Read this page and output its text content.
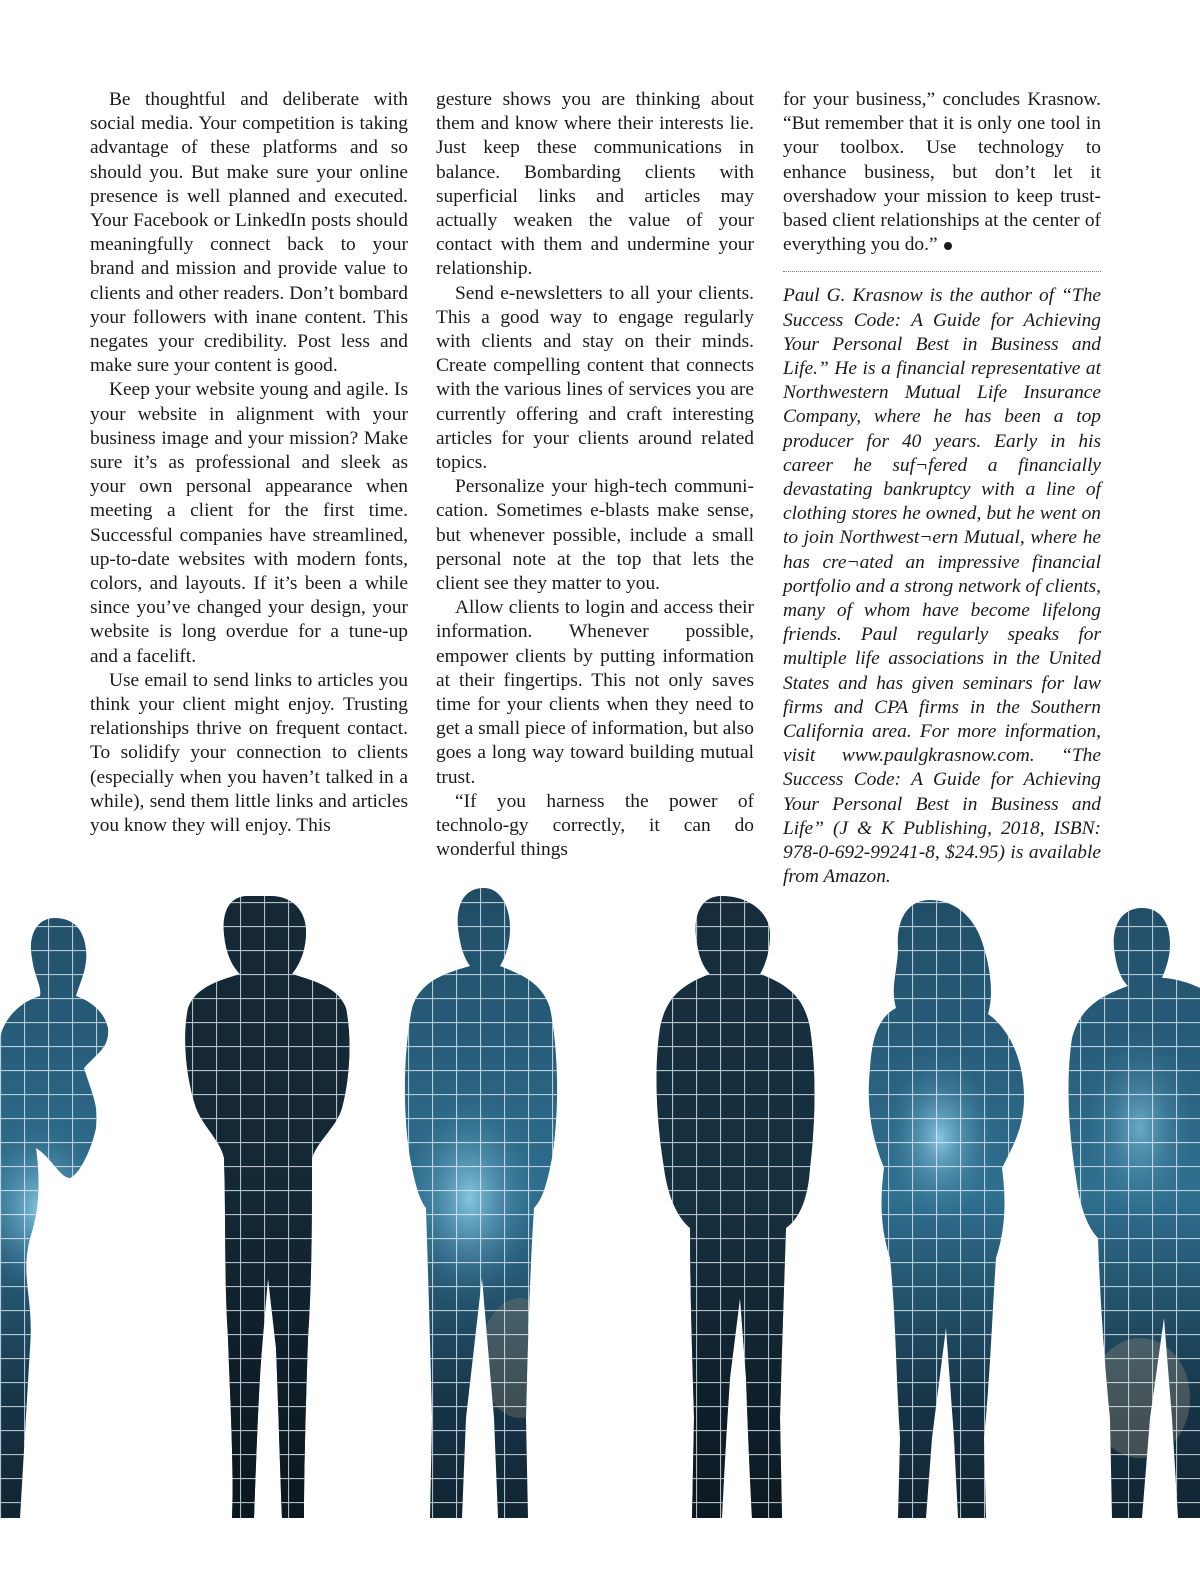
Be thoughtful and deliberate with social media. Your competition is taking advantage of these platforms and so should you. But make sure your online presence is well planned and executed. Your Facebook or LinkedIn posts should meaningfully connect back to your brand and mission and provide value to clients and other readers. Don’t bombard your followers with inane content. This negates your credibility. Post less and make sure your content is good.

Keep your website young and agile. Is your website in alignment with your business image and your mission? Make sure it’s as professional and sleek as your own personal appearance when meeting a client for the first time. Successful companies have streamlined, up-to-date websites with modern fonts, colors, and layouts. If it’s been a while since you’ve changed your design, your website is long overdue for a tune-up and a facelift.

Use email to send links to articles you think your client might enjoy. Trusting relationships thrive on frequent contact. To solidify your connection to clients (especially when you haven’t talked in a while), send them little links and articles you know they will enjoy. This

gesture shows you are thinking about them and know where their interests lie. Just keep these communications in balance. Bombarding clients with superficial links and articles may actually weaken the value of your contact with them and undermine your relationship.

Send e-newsletters to all your clients. This a good way to engage regularly with clients and stay on their minds. Create compelling content that connects with the various lines of services you are currently offering and craft interesting articles for your clients around related topics.

Personalize your high-tech communi-cation. Sometimes e-blasts make sense, but whenever possible, include a small personal note at the top that lets the client see they matter to you.

Allow clients to login and access their information. Whenever possible, empower clients by putting information at their fingertips. This not only saves time for your clients when they need to get a small piece of information, but also goes a long way toward building mutual trust.

“If you harness the power of technolo-gy correctly, it can do wonderful things

for your business,” concludes Krasnow. “But remember that it is only one tool in your toolbox. Use technology to enhance business, but don’t let it overshadow your mission to keep trust-based client relationships at the center of everything you do.”

Paul G. Krasnow is the author of “The Success Code: A Guide for Achieving Your Personal Best in Business and Life.” He is a financial representative at Northwestern Mutual Life Insurance Company, where he has been a top producer for 40 years. Early in his career he suf¬fered a financially devastating bankruptcy with a line of clothing stores he owned, but he went on to join Northwest¬ern Mutual, where he has cre¬ated an impressive financial portfolio and a strong network of clients, many of whom have become lifelong friends. Paul regularly speaks for multiple life associations in the United States and has given seminars for law firms and CPA firms in the Southern California area. For more information, visit www.paulgkrasnow.com. “The Success Code: A Guide for Achieving Your Personal Best in Business and Life” (J & K Publishing, 2018, ISBN: 978-0-692-99241-8, $24.95) is available from Amazon.
